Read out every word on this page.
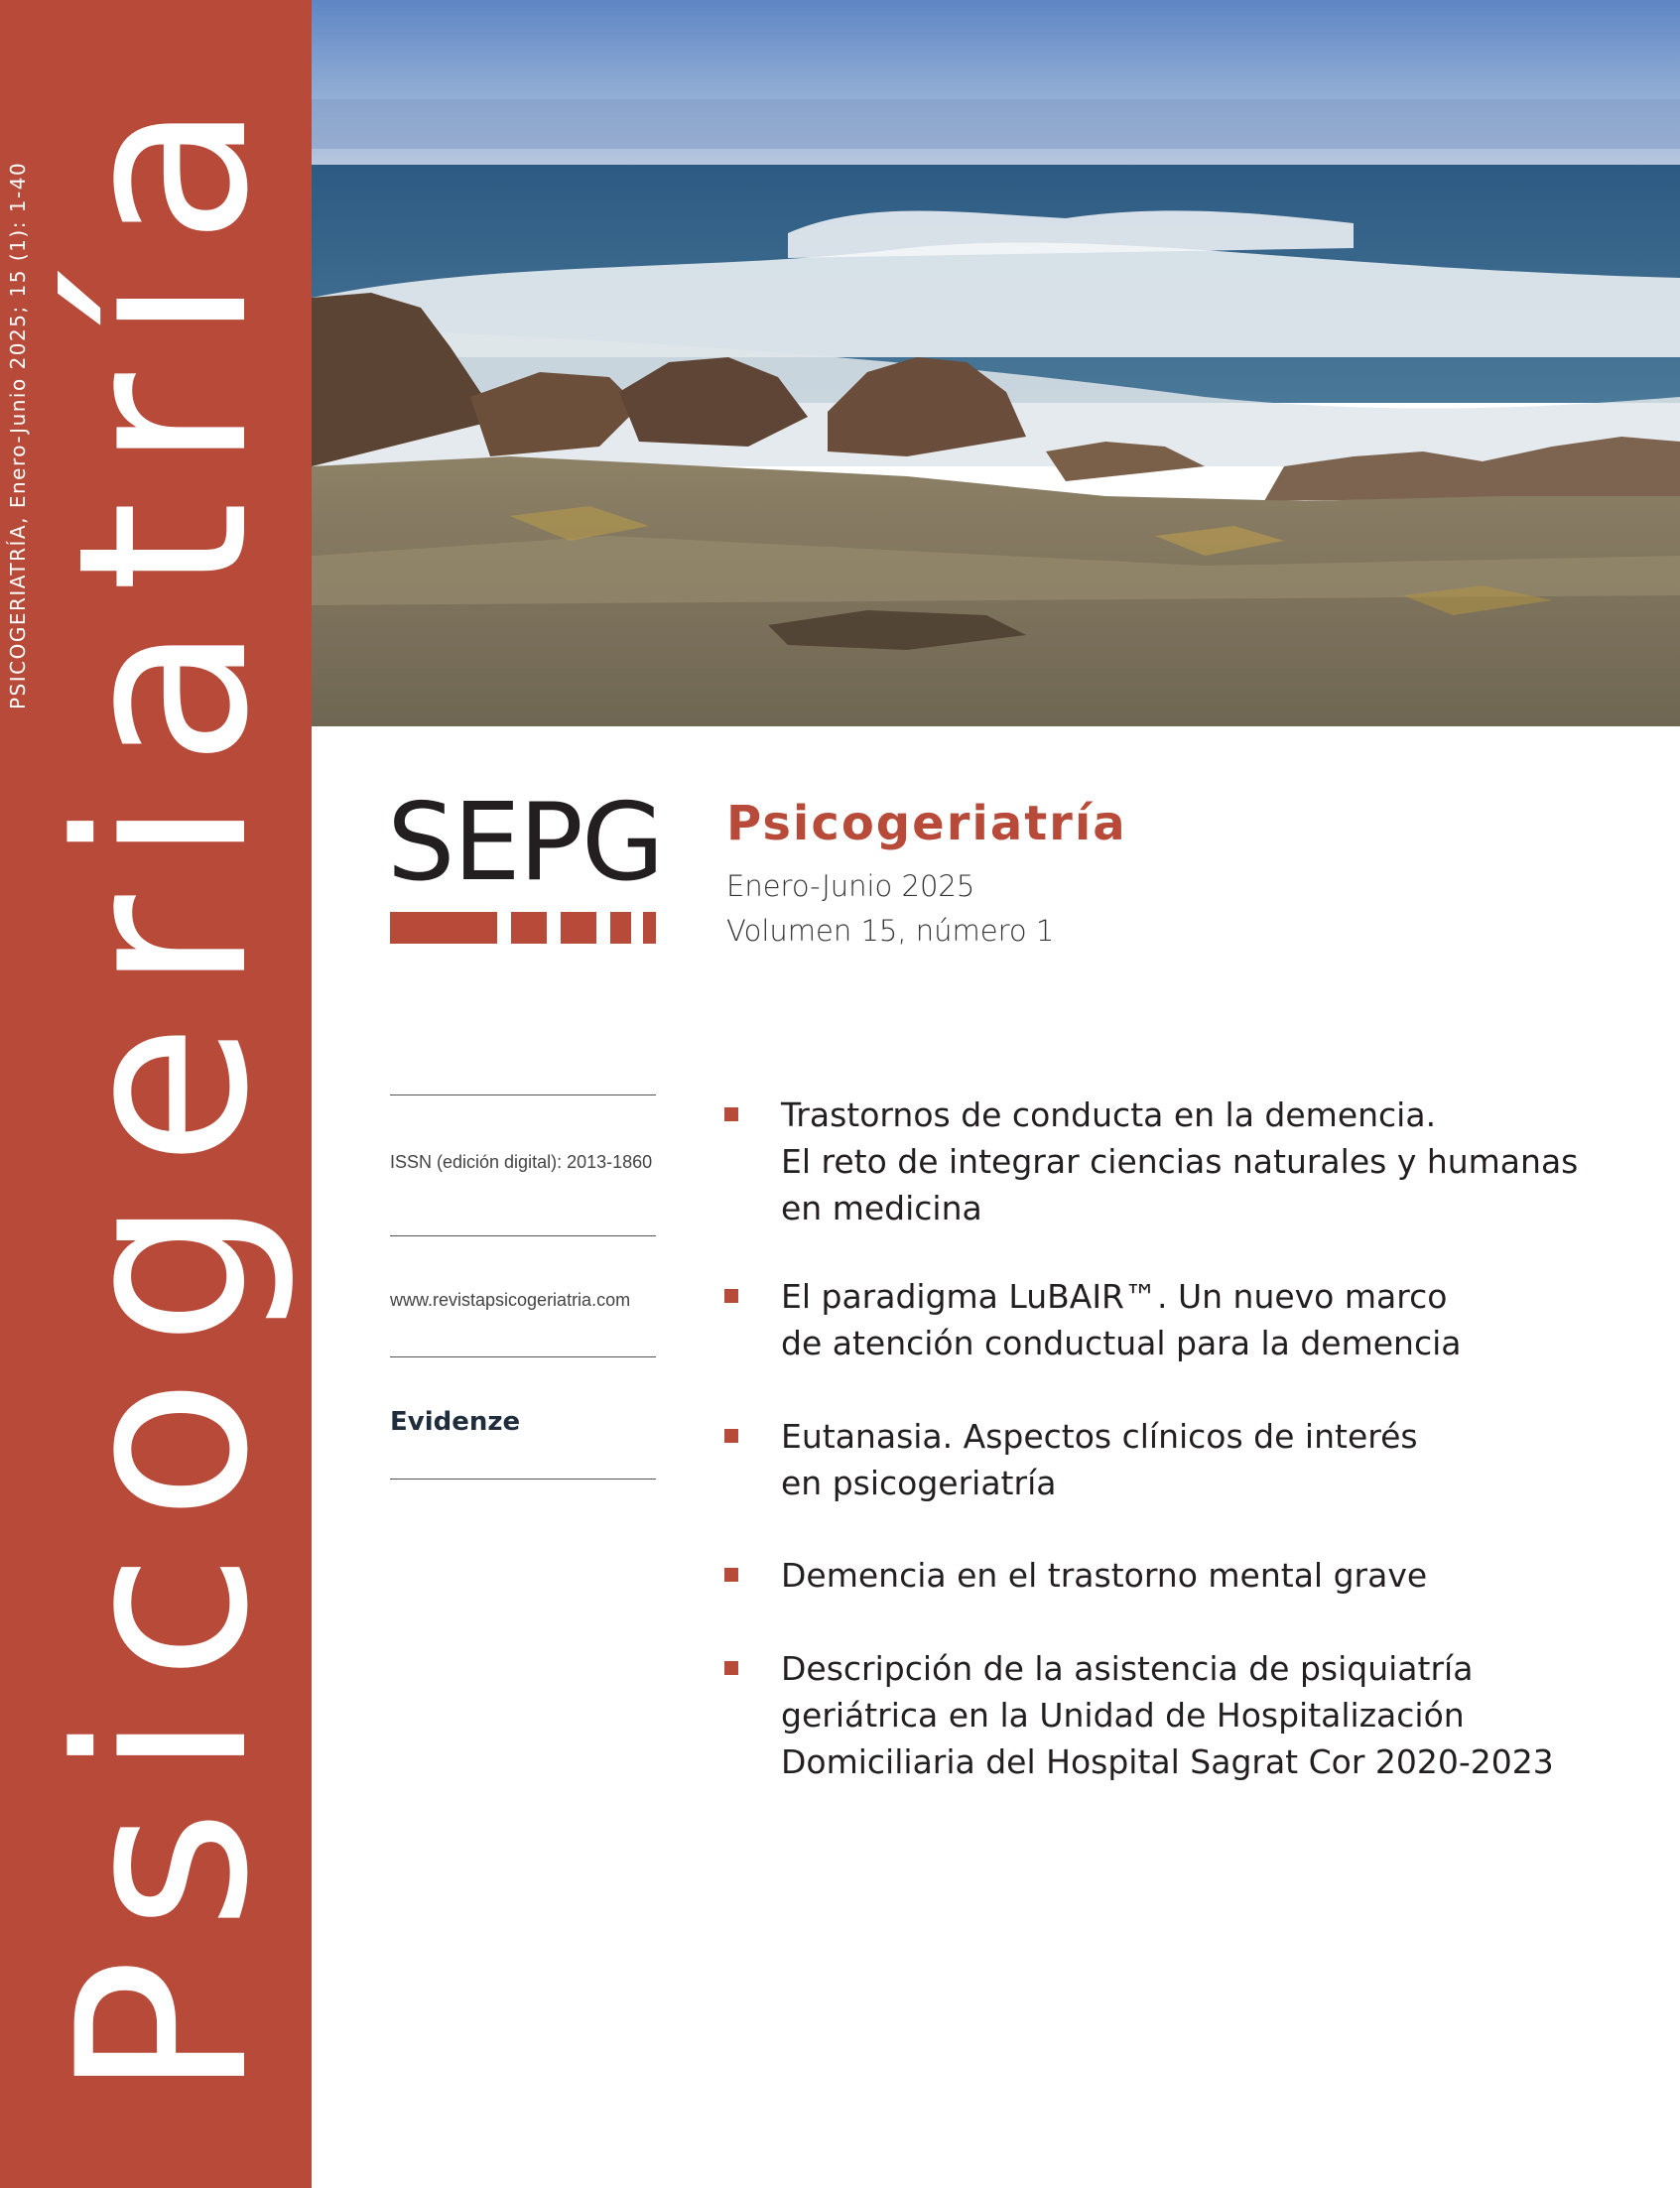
Psicogeriatría
PSICOGERIATRÍA, Enero-Junio 2025; 15 (1): 1-40
SEPG Psicogeriatría
Enero-Junio 2025
Volumen 15, número 1
ISSN (edición digital): 2013-1860
www.revistapsicogeriatria.com
Evidenze
Trastornos de conducta en la demencia.
El reto de integrar ciencias naturales y humanas
en medicina
El paradigma LuBAIR™. Un nuevo marco
de atención conductual para la demencia
Eutanasia. Aspectos clínicos de interés
en psicogeriatría
Demencia en el trastorno mental grave
Descripción de la asistencia de psiquiatría
geriátrica en la Unidad de Hospitalización
Domiciliaria del Hospital Sagrat Cor 2020-2023
